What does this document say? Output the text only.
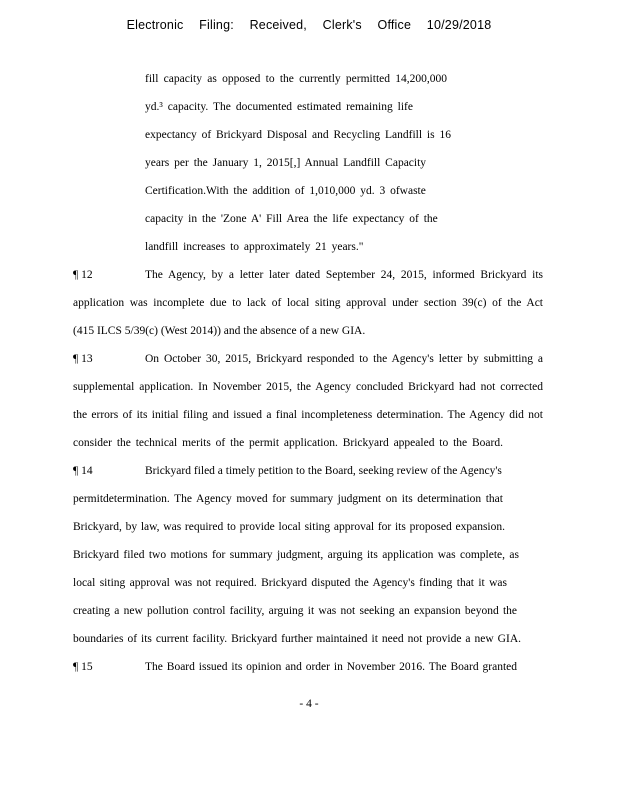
Electronic Filing: Received, Clerk's Office 10/29/2018
fill capacity as opposed to the currently permitted 14,200,000
yd.³ capacity. The documented estimated remaining life
expectancy of Brickyard Disposal and Recycling Landfill is 16
years per the January 1, 2015[,] Annual Landfill Capacity
Certification.With the addition of 1,010,000 yd. 3 ofwaste
capacity in the 'Zone A' Fill Area the life expectancy of the
landfill increases to approximately 21 years."
¶ 12	The Agency, by a letter later dated September 24, 2015, informed Brickyard its
application was incomplete due to lack of local siting approval under section 39(c) of the Act
(415 ILCS 5/39(c) (West 2014)) and the absence of a new GIA.
¶ 13	On October 30, 2015, Brickyard responded to the Agency's letter by submitting a
supplemental application. In November 2015, the Agency concluded Brickyard had not corrected
the errors of its initial filing and issued a final incompleteness determination. The Agency did not
consider the technical merits of the permit application. Brickyard appealed to the Board.
¶ 14	Brickyard filed a timely petition to the Board, seeking review of the Agency's
permitdetermination. The Agency moved for summary judgment on its determination that
Brickyard, by law, was required to provide local siting approval for its proposed expansion.
Brickyard filed two motions for summary judgment, arguing its application was complete, as
local siting approval was not required. Brickyard disputed the Agency's finding that it was
creating a new pollution control facility, arguing it was not seeking an expansion beyond the
boundaries of its current facility. Brickyard further maintained it need not provide a new GIA.
¶ 15	The Board issued its opinion and order in November 2016. The Board granted
- 4 -
